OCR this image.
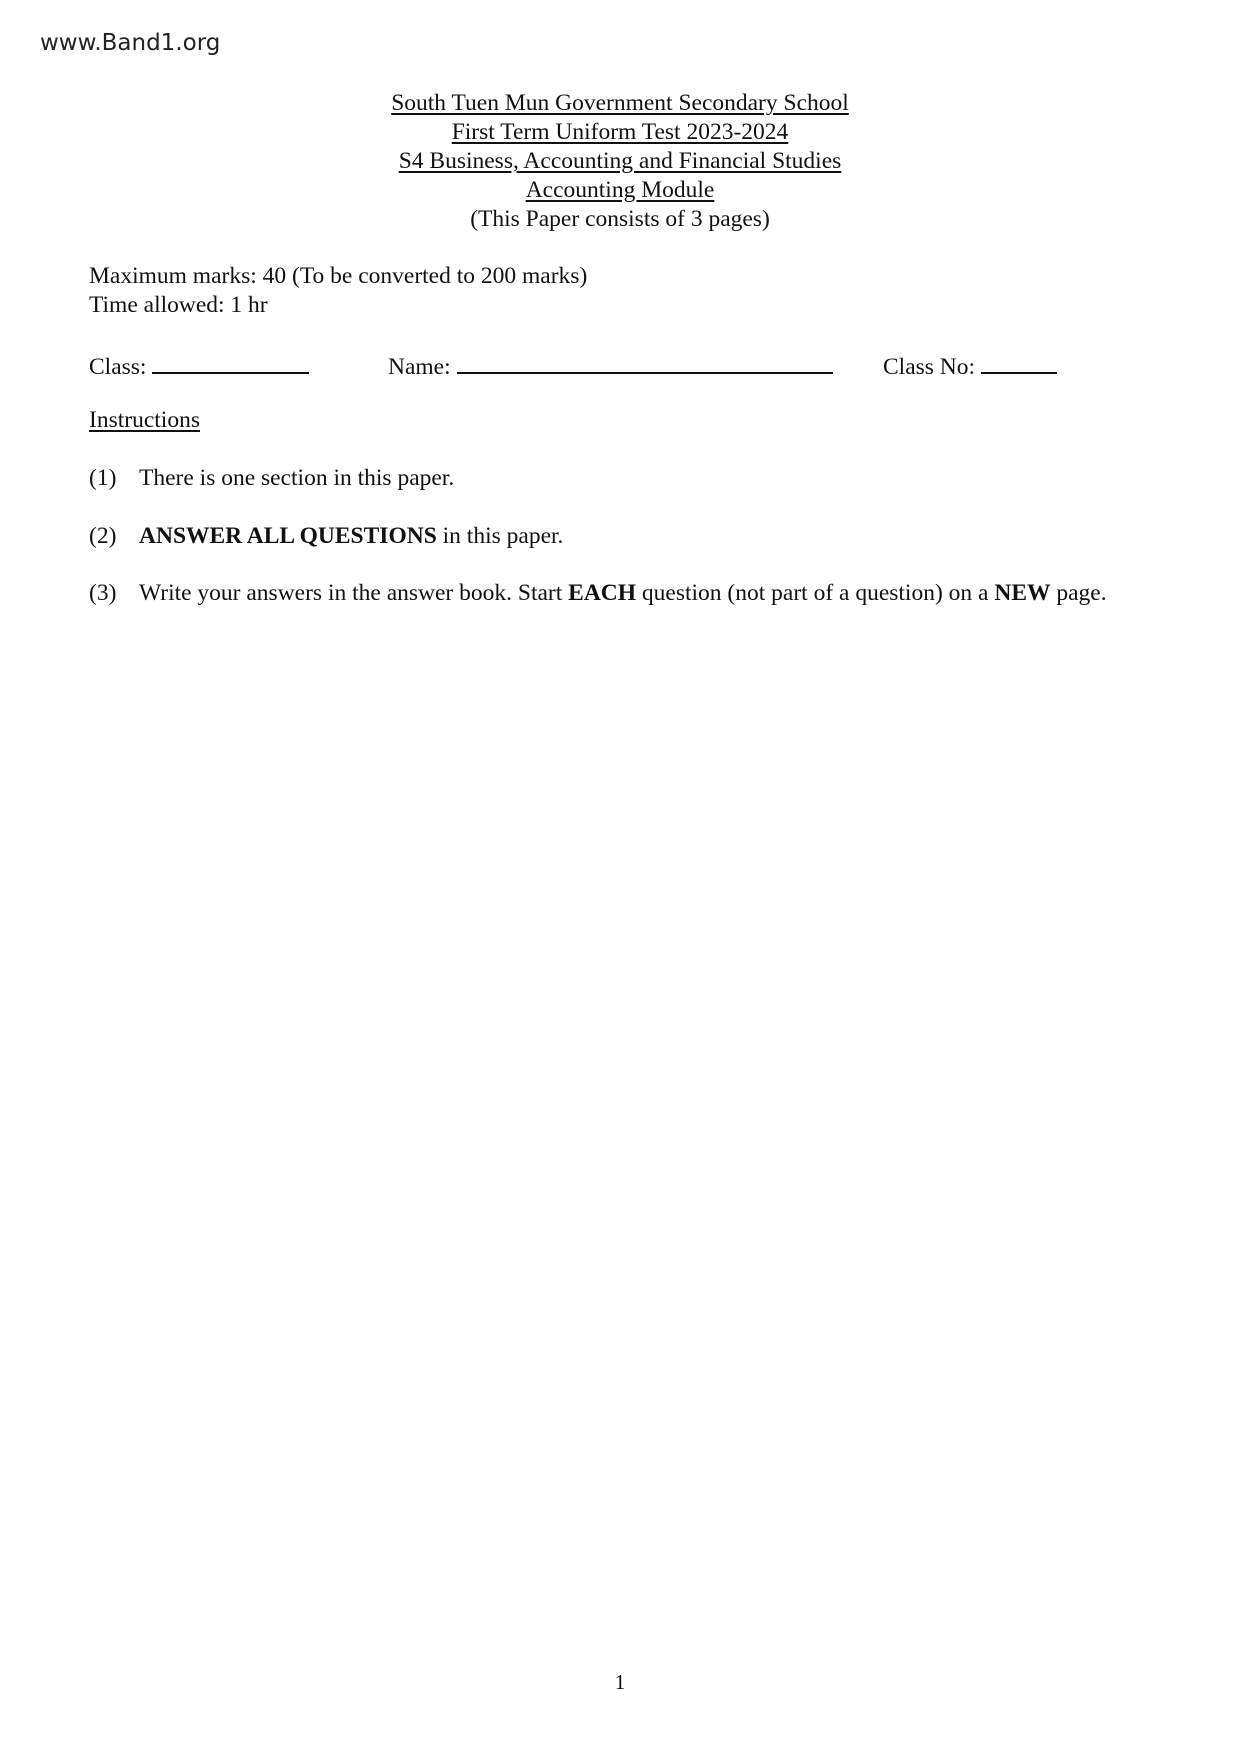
www.Band1.org
South Tuen Mun Government Secondary School
First Term Uniform Test 2023-2024
S4 Business, Accounting and Financial Studies
Accounting Module
(This Paper consists of 3 pages)
Maximum marks: 40 (To be converted to 200 marks)
Time allowed: 1 hr
Class:	Name:	Class No:
Instructions
(1) There is one section in this paper.
(2) ANSWER ALL QUESTIONS in this paper.
(3) Write your answers in the answer book. Start EACH question (not part of a question) on a NEW page.
1
